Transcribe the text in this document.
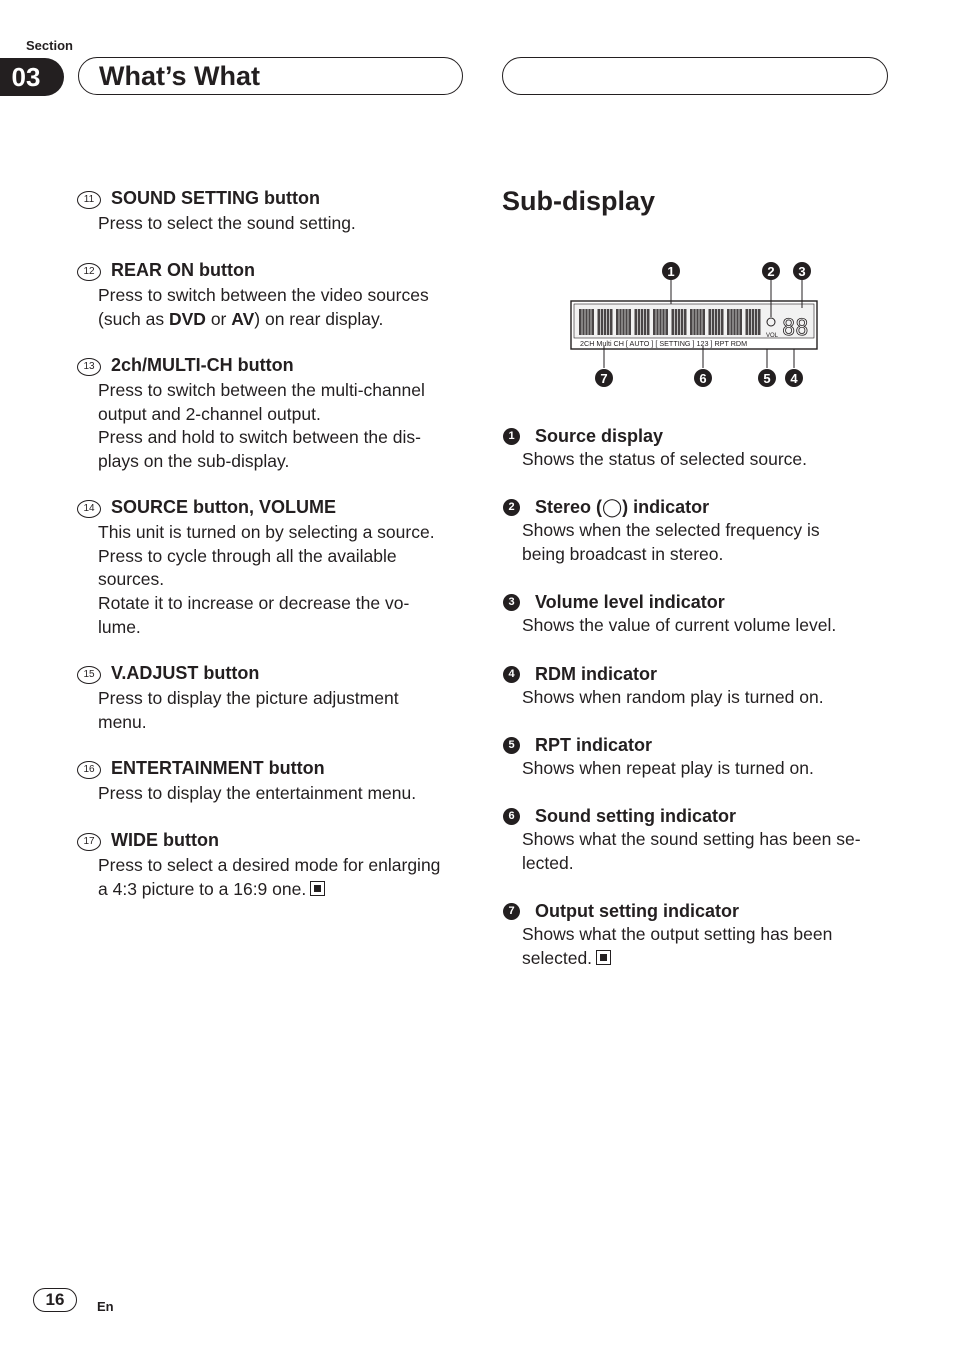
Section
03	What’s What
11 SOUND SETTING button
Press to select the sound setting.
12 REAR ON button
Press to switch between the video sources
(such as DVD or AV) on rear display.
13 2ch/MULTI-CH button
Press to switch between the multi-channel
output and 2-channel output.
Press and hold to switch between the dis-
plays on the sub-display.
14 SOURCE button, VOLUME
This unit is turned on by selecting a source.
Press to cycle through all the available
sources.
Rotate it to increase or decrease the vo-
lume.
15 V.ADJUST button
Press to display the picture adjustment
menu.
16 ENTERTAINMENT button
Press to display the entertainment menu.
17 WIDE button
Press to select a desired mode for enlarging
a 4:3 picture to a 16:9 one.
Sub-display
VOL 88
2CH Multi CH [ AUTO ] [ SETTING ] 123 ] RPT RDM
1	2 3
4
5
6
7
1	Source display
Shows the status of selected source.
2	Stereo (◯) indicator
Shows when the selected frequency is
being broadcast in stereo.
3	Volume level indicator
Shows the value of current volume level.
4	RDM indicator
Shows when random play is turned on.
5	RPT indicator
Shows when repeat play is turned on.
6	Sound setting indicator
Shows what the sound setting has been se-
lected.
7	Output setting indicator
Shows what the output setting has been
selected.
16	En
